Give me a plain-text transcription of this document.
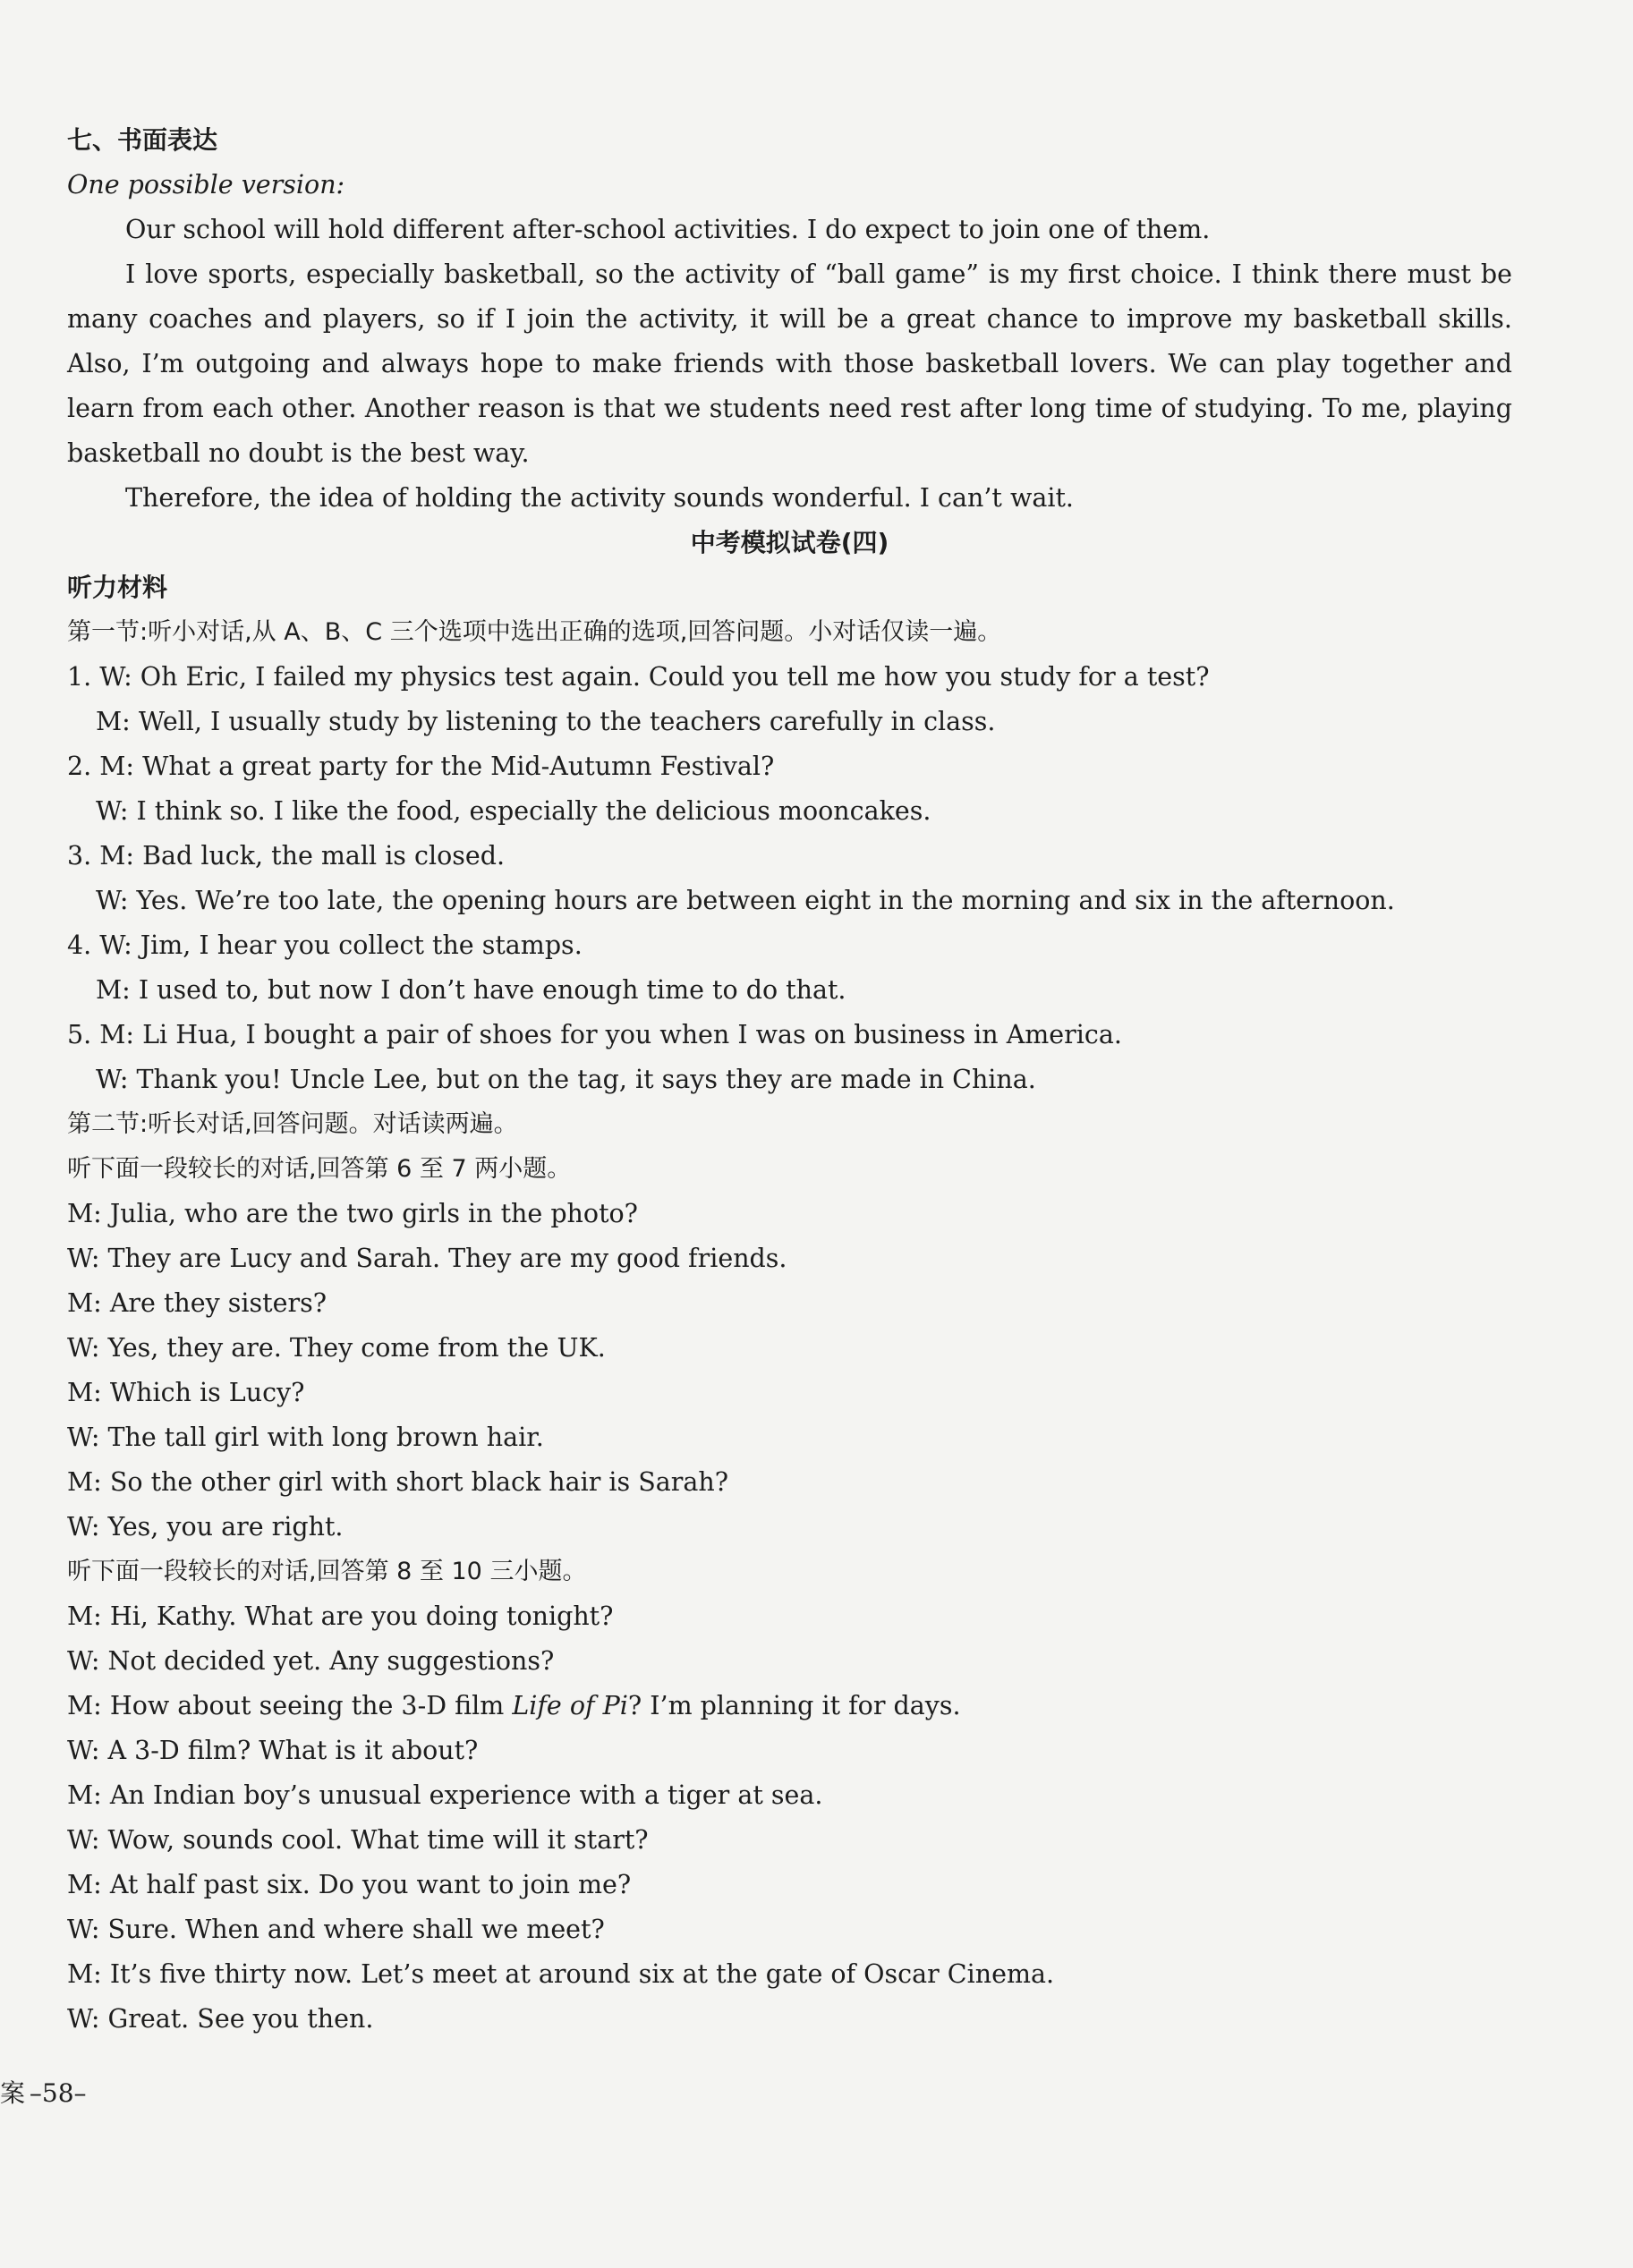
七、书面表达
One possible version:
Our school will hold different after-school activities. I do expect to join one of them.
I love sports, especially basketball, so the activity of “ball game” is my first choice. I think there must be
many coaches and players, so if I join the activity, it will be a great chance to improve my basketball skills.
Also, I’m outgoing and always hope to make friends with those basketball lovers. We can play together and
learn from each other. Another reason is that we students need rest after long time of studying. To me, playing
basketball no doubt is the best way.
Therefore, the idea of holding the activity sounds wonderful. I can’t wait.
中考模拟试卷(四)
听力材料
第一节:听小对话,从 A、B、C 三个选项中选出正确的选项,回答问题。小对话仅读一遍。
1. W: Oh Eric, I failed my physics test again. Could you tell me how you study for a test?
M: Well, I usually study by listening to the teachers carefully in class.
2. M: What a great party for the Mid-Autumn Festival?
W: I think so. I like the food, especially the delicious mooncakes.
3. M: Bad luck, the mall is closed.
W: Yes. We’re too late, the opening hours are between eight in the morning and six in the afternoon.
4. W: Jim, I hear you collect the stamps.
M: I used to, but now I don’t have enough time to do that.
5. M: Li Hua, I bought a pair of shoes for you when I was on business in America.
W: Thank you! Uncle Lee, but on the tag, it says they are made in China.
第二节:听长对话,回答问题。对话读两遍。
听下面一段较长的对话,回答第 6 至 7 两小题。
M: Julia, who are the two girls in the photo?
W: They are Lucy and Sarah. They are my good friends.
M: Are they sisters?
W: Yes, they are. They come from the UK.
M: Which is Lucy?
W: The tall girl with long brown hair.
M: So the other girl with short black hair is Sarah?
W: Yes, you are right.
听下面一段较长的对话,回答第 8 至 10 三小题。
M: Hi, Kathy. What are you doing tonight?
W: Not decided yet. Any suggestions?
M: How about seeing the 3-D film Life of Pi? I’m planning it for days.
W: A 3-D film? What is it about?
M: An Indian boy’s unusual experience with a tiger at sea.
W: Wow, sounds cool. What time will it start?
M: At half past six. Do you want to join me?
W: Sure. When and where shall we meet?
M: It’s five thirty now. Let’s meet at around six at the gate of Oscar Cinema.
W: Great. See you then.
案 –58–
